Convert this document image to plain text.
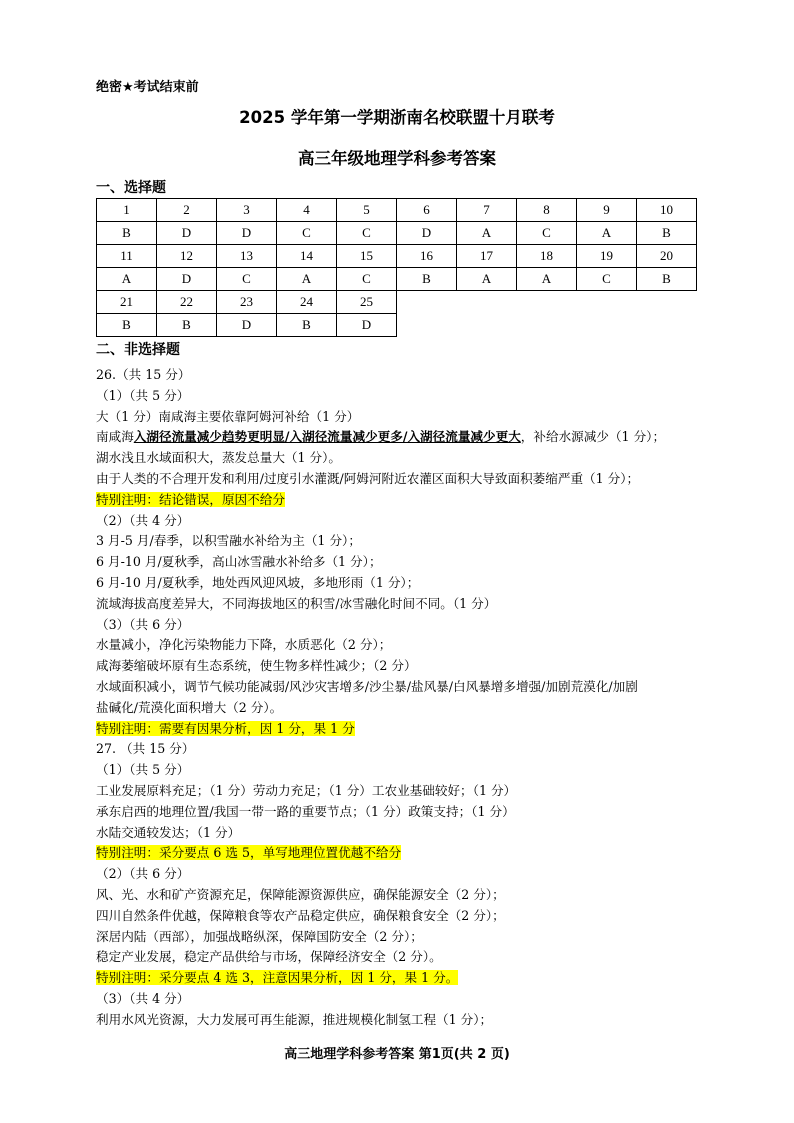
绝密★考试结束前
2025 学年第一学期浙南名校联盟十月联考
高三年级地理学科参考答案
一、选择题
1	2	3	4	5	6	7	8	9	10
B	D	D	C	C	D	A	C	A	B
11	12	13	14	15	16	17	18	19	20
A	D	C	A	C	B	A	A	C	B
21	22	23	24	25					
B	B	D	B	D					
二、非选择题
26.（共 15 分）
（1）（共 5 分）
大（1 分）南咸海主要依靠阿姆河补给（1 分）
南咸海入湖径流量减少趋势更明显/入湖径流量减少更多/入湖径流量减少更大，补给水源减少（1 分）；
湖水浅且水域面积大，蒸发总量大（1 分）。
由于人类的不合理开发和利用/过度引水灌溉/阿姆河附近农灌区面积大导致面积萎缩严重（1 分）；
特别注明：结论错误，原因不给分
（2）（共 4 分）
3 月-5 月/春季，以积雪融水补给为主（1 分）；
6 月-10 月/夏秋季，高山冰雪融水补给多（1 分）；
6 月-10 月/夏秋季，地处西风迎风坡，多地形雨（1 分）；
流域海拔高度差异大，不同海拔地区的积雪/冰雪融化时间不同。（1 分）
（3）（共 6 分）
水量减小，净化污染物能力下降，水质恶化（2 分）；
咸海萎缩破坏原有生态系统，使生物多样性减少；（2 分）
水域面积减小，调节气候功能减弱/风沙灾害增多/沙尘暴/盐风暴/白风暴增多增强/加剧荒漠化/加剧
盐碱化/荒漠化面积增大（2 分）。
特别注明：需要有因果分析，因 1 分，果 1 分
27. （共 15 分）
（1）（共 5 分）
工业发展原料充足；（1 分）劳动力充足；（1 分）工农业基础较好；（1 分）
承东启西的地理位置/我国一带一路的重要节点；（1 分）政策支持；（1 分）
水陆交通较发达；（1 分）
特别注明：采分要点 6 选 5，单写地理位置优越不给分
（2）（共 6 分）
风、光、水和矿产资源充足，保障能源资源供应，确保能源安全（2 分）；
四川自然条件优越，保障粮食等农产品稳定供应，确保粮食安全（2 分）；
深居内陆（西部），加强战略纵深，保障国防安全（2 分）；
稳定产业发展，稳定产品供给与市场，保障经济安全（2 分）。
特别注明：采分要点 4 选 3，注意因果分析，因 1 分，果 1 分。
（3）（共 4 分）
利用水风光资源，大力发展可再生能源，推进规模化制氢工程（1 分）；
高三地理学科参考答案 第1页(共 2 页)
